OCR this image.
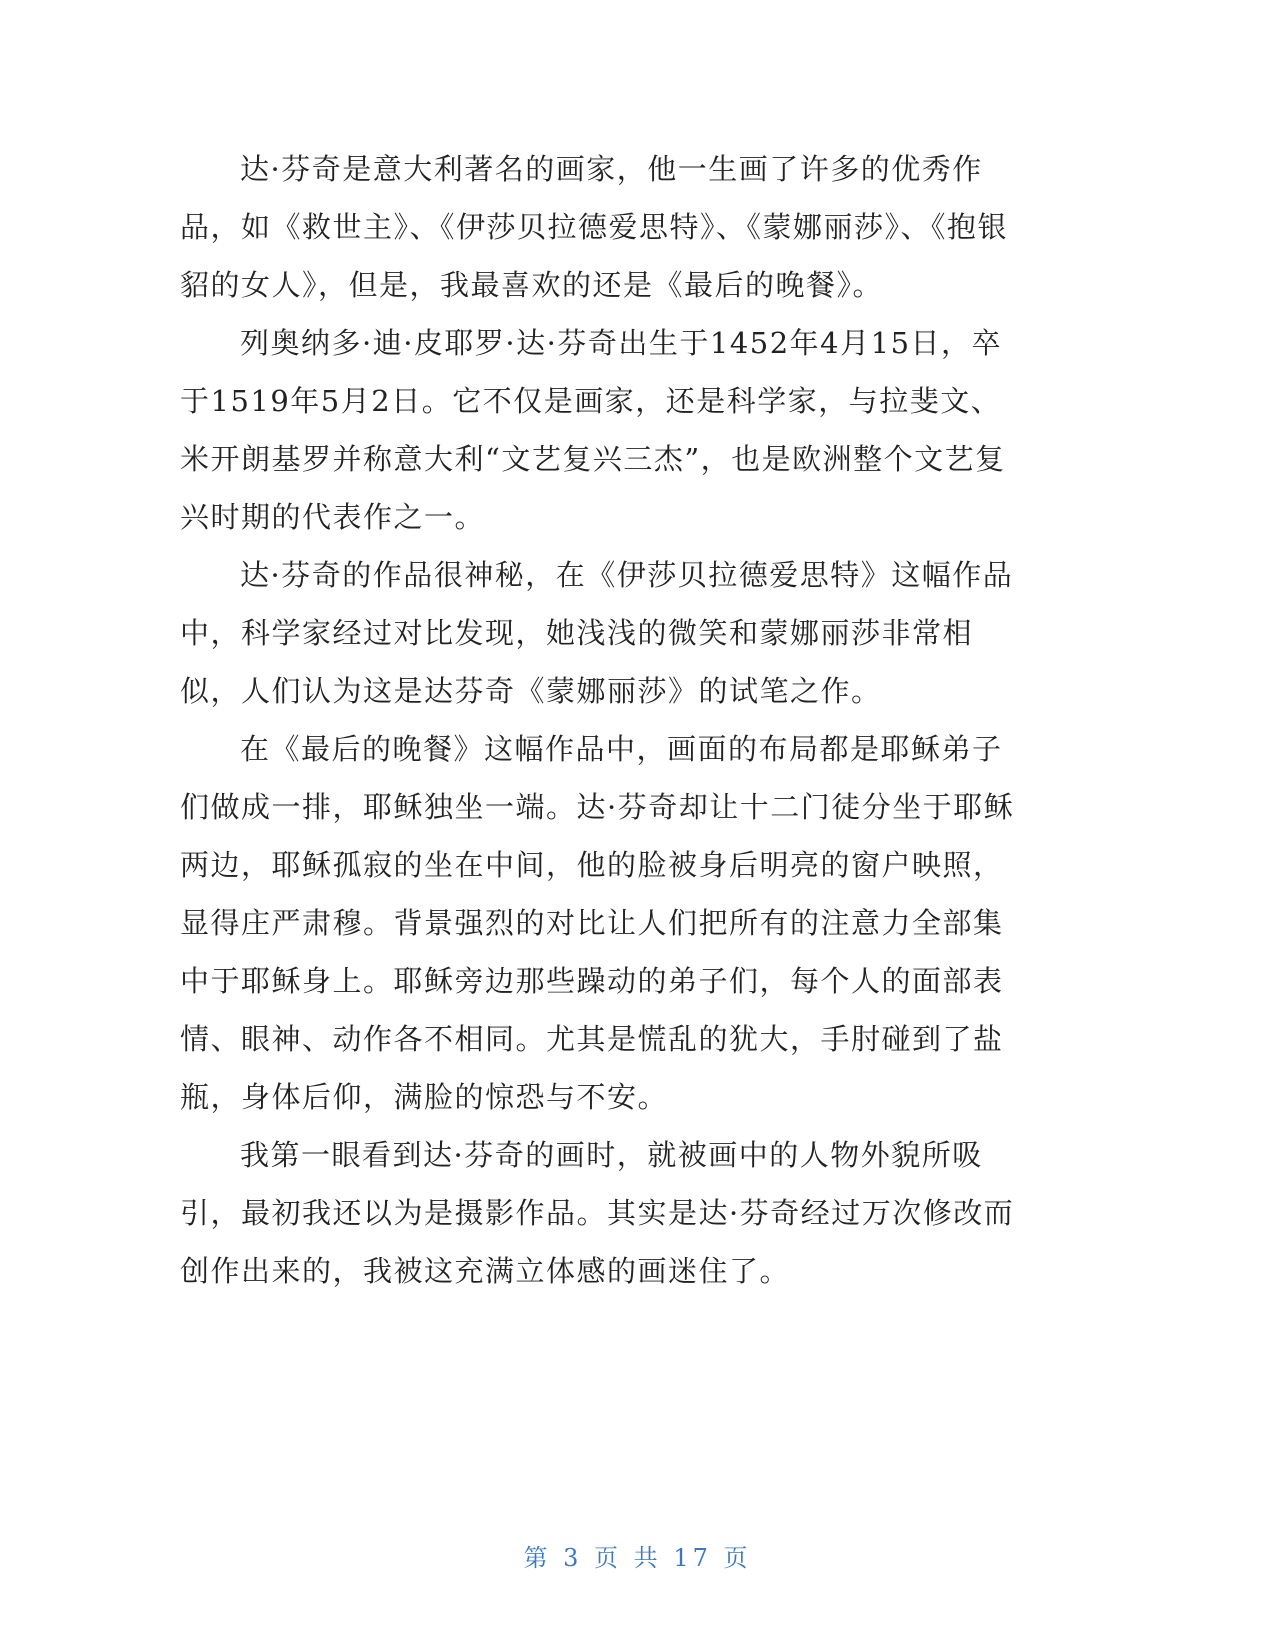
达·芬奇是意大利著名的画家，他一生画了许多的优秀作品，如《救世主》、《伊莎贝拉德爱思特》、《蒙娜丽莎》、《抱银貂的女人》，但是，我最喜欢的还是《最后的晚餐》。

列奥纳多·迪·皮耶罗·达·芬奇出生于1452年4月15日，卒于1519年5月2日。它不仅是画家，还是科学家，与拉斐文、米开朗基罗并称意大利“文艺复兴三杰”，也是欧洲整个文艺复兴时期的代表作之一。

达·芬奇的作品很神秘，在《伊莎贝拉德爱思特》这幅作品中，科学家经过对比发现，她浅浅的微笑和蒙娜丽莎非常相似，人们认为这是达芬奇《蒙娜丽莎》的试笔之作。

在《最后的晚餐》这幅作品中，画面的布局都是耶稣弟子们做成一排，耶稣独坐一端。达·芬奇却让十二门徒分坐于耶稣两边，耶稣孤寂的坐在中间，他的脸被身后明亮的窗户映照，显得庄严肃穆。背景强烈的对比让人们把所有的注意力全部集中于耶稣身上。耶稣旁边那些躁动的弟子们，每个人的面部表情、眼神、动作各不相同。尤其是慌乱的犹大，手肘碰到了盐瓶，身体后仰，满脸的惊恐与不安。

我第一眼看到达·芬奇的画时，就被画中的人物外貌所吸引，最初我还以为是摄影作品。其实是达·芬奇经过万次修改而创作出来的，我被这充满立体感的画迷住了。

第 3 页 共 17 页
